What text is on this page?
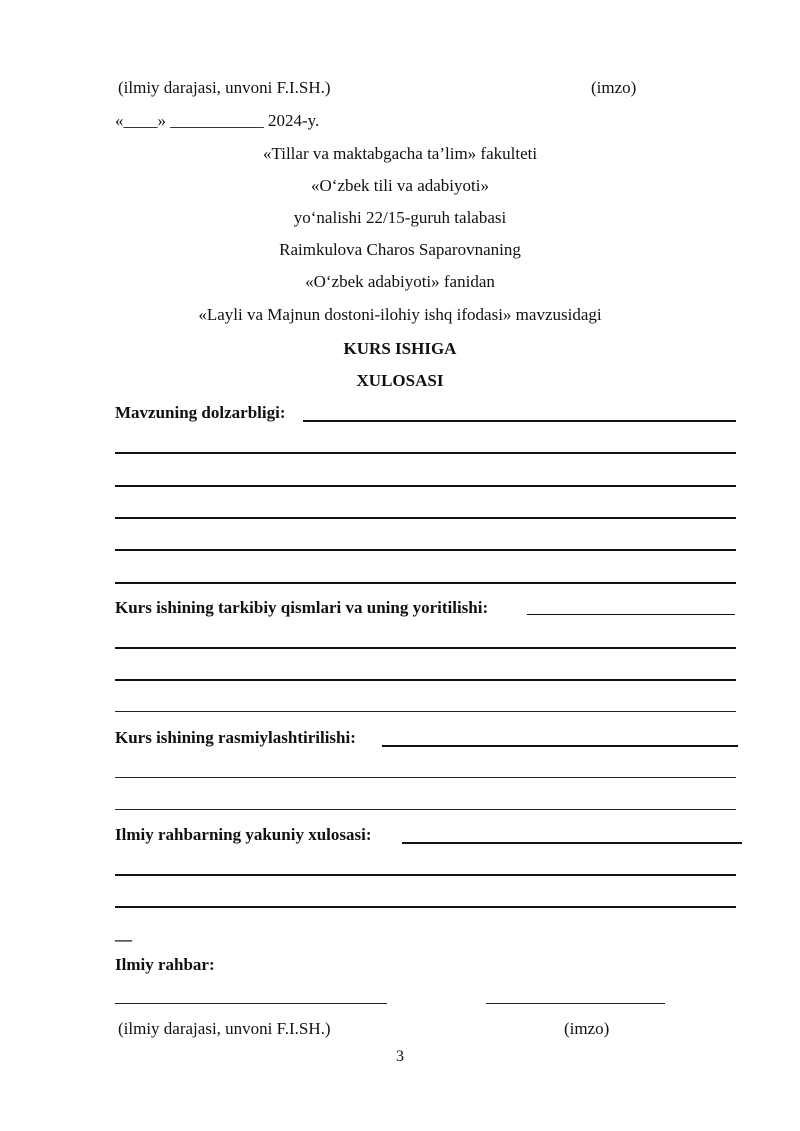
(ilmiy darajasi, unvoni F.I.SH.)	(imzo)
«____» ___________ 2024-y.
«Tillar va maktabgacha ta’lim» fakulteti
«O‘zbek tili va adabiyoti»
yo‘nalishi 22/15-guruh talabasi
Raimkulova Charos Saparovnaning
«O‘zbek adabiyoti» fanidan
«Layli va Majnun dostoni-ilohiy ishq ifodasi» mavzusidagi
KURS ISHIGA
XULOSASI
Mavzuning dolzarbligi:
Kurs ishining tarkibiy qismlari va uning yoritilishi:
Kurs ishining rasmiylashtirilishi:
Ilmiy rahbarning yakuniy xulosasi:
__
Ilmiy rahbar:
(ilmiy darajasi, unvoni F.I.SH.)	(imzo)
3
